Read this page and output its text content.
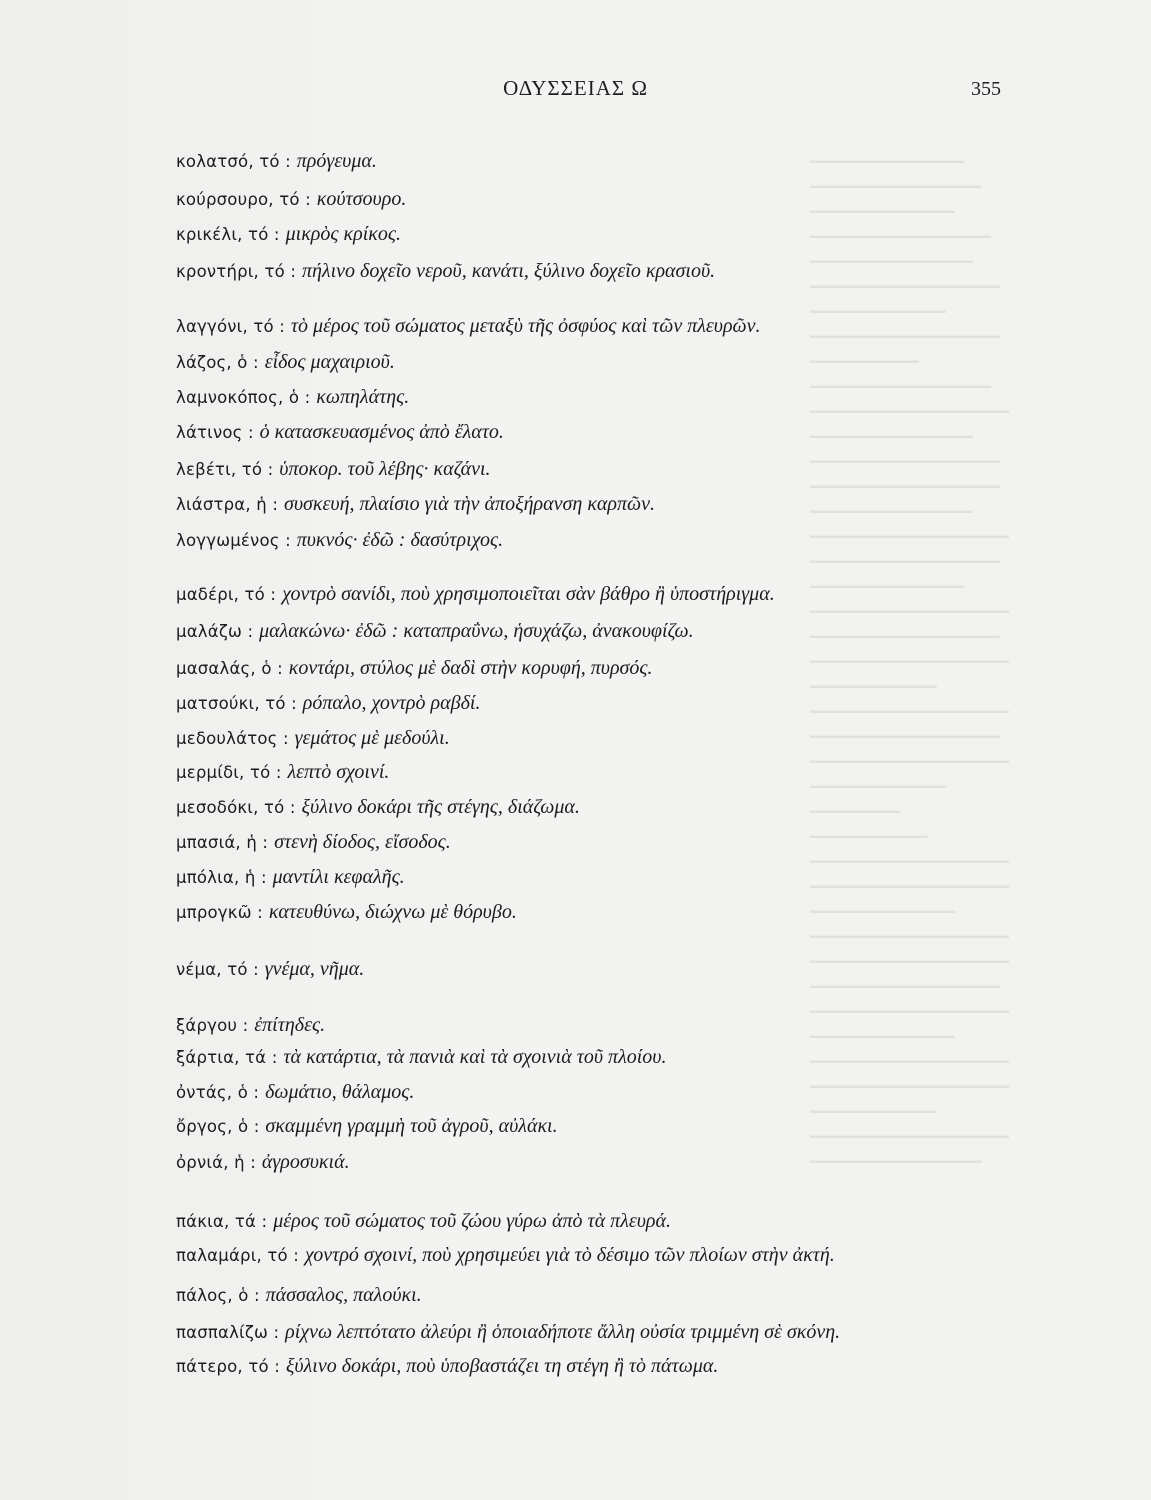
━━━━━━━━━━━━━━━━━
━━━━━━━━━━━━━━━━━━━
━━━━━━━━━━━━━━━━
━━━━━━━━━━━━━━━━━━━━
━━━━━━━━━━━━━━━━━━
━━━━━━━━━━━━━━━━━━━━━
━━━━━━━━━━━━━━━
━━━━━━━━━━━━━━━━━━━━━
━━━━━━━━━━━━
━━━━━━━━━━━━━━━━━━━━
━━━━━━━━━━━━━━━━━━━━━━
━━━━━━━━━━━━━━━━━━
━━━━━━━━━━━━━━━━━━━━━
━━━━━━━━━━━━━━━━━━━━━
━━━━━━━━━━━━━━━━━━
━━━━━━━━━━━━━━━━━━━━━━
━━━━━━━━━━━━━━━━━━━━━
━━━━━━━━━━━━━━━━━
━━━━━━━━━━━━━━━━━━━━━━
━━━━━━━━━━━━━━━━━━━━━
━━━━━━━━━━━━━━━━━━━━━━
━━━━━━━━━━━━━━
━━━━━━━━━━━━━━━━━━━━━━
━━━━━━━━━━━━━━━━━━━━━
━━━━━━━━━━━━━━━━━━━━━━
━━━━━━━━━━━━━━━
━━━━━━━━━━
━━━━━━━━━━━━━
━━━━━━━━━━━━━━━━━━━━━━
━━━━━━━━━━━━━━━━━━━━━━
━━━━━━━━━━━━━━━━
━━━━━━━━━━━━━━━━━━━━━━
━━━━━━━━━━━━━━━━━━━━━━
━━━━━━━━━━━━━━━━━━━━━
━━━━━━━━━━━━━━━━━━━━━━
━━━━━━━━━━━━━━━━
━━━━━━━━━━━━━━━━━━━━━━
━━━━━━━━━━━━━━━━━━━━━━
━━━━━━━━━━━━━━
━━━━━━━━━━━━━━━━━━━━━━
━━━━━━━━━━━━━━━━━━━
ΟΔΥΣΣΕΙΑΣ Ω	355
κολατσό, τό : πρόγευμα.
κούρσουρο, τό : κούτσουρο.
κρικέλι, τό : μικρὸς κρίκος.
κροντήρι, τό : πήλινο δοχεῖο νεροῦ, κανάτι, ξύλινο δοχεῖο κρασιοῦ.
λαγγόνι, τό : τὸ μέρος τοῦ σώματος μεταξὺ τῆς ὀσφύος καὶ τῶν πλευρῶν.
λάζος, ὁ : εἶδος μαχαιριοῦ.
λαμνοκόπος, ὁ : κωπηλάτης.
λάτινος : ὁ κατασκευασμένος ἀπὸ ἔλατο.
λεβέτι, τό : ὑποκορ. τοῦ λέβης· καζάνι.
λιάστρα, ἡ : συσκευή, πλαίσιο γιὰ τὴν ἀποξήρανση καρπῶν.
λογγωμένος : πυκνός· ἐδῶ : δασύτριχος.
μαδέρι, τό : χοντρὸ σανίδι, ποὺ χρησιμοποιεῖται σὰν βάθρο ἢ ὑποστήριγμα.
μαλάζω : μαλακώνω· ἐδῶ : καταπραΰνω, ἡσυχάζω, ἀνακουφίζω.
μασαλάς, ὁ : κοντάρι, στύλος μὲ δαδὶ στὴν κορυφή, πυρσός.
ματσούκι, τό : ρόπαλο, χοντρὸ ραβδί.
μεδουλάτος : γεμάτος μὲ μεδούλι.
μερμίδι, τό : λεπτὸ σχοινί.
μεσοδόκι, τό : ξύλινο δοκάρι τῆς στέγης, διάζωμα.
μπασιά, ἡ : στενὴ δίοδος, εἴσοδος.
μπόλια, ἡ : μαντίλι κεφαλῆς.
μπρογκῶ : κατευθύνω, διώχνω μὲ θόρυβο.
νέμα, τό : γνέμα, νῆμα.
ξάργου : ἐπίτηδες.
ξάρτια, τά : τὰ κατάρτια, τὰ πανιὰ καὶ τὰ σχοινιὰ τοῦ πλοίου.
ὀντάς, ὁ : δωμάτιο, θάλαμος.
ὄργος, ὁ : σκαμμένη γραμμὴ τοῦ ἀγροῦ, αὐλάκι.
ὀρνιά, ἡ : ἀγροσυκιά.
πάκια, τά : μέρος τοῦ σώματος τοῦ ζώου γύρω ἀπὸ τὰ πλευρά.
παλαμάρι, τό : χοντρό σχοινί, ποὺ χρησιμεύει γιὰ τὸ δέσιμο τῶν πλοίων στὴν ἀκτή.
πάλος, ὁ : πάσσαλος, παλούκι.
πασπαλίζω : ρίχνω λεπτότατο ἀλεύρι ἢ ὁποιαδήποτε ἄλλη οὐσία τριμμένη σὲ σκόνη.
πάτερο, τό : ξύλινο δοκάρι, ποὺ ὑποβαστάζει τη στέγη ἢ τὸ πάτωμα.
